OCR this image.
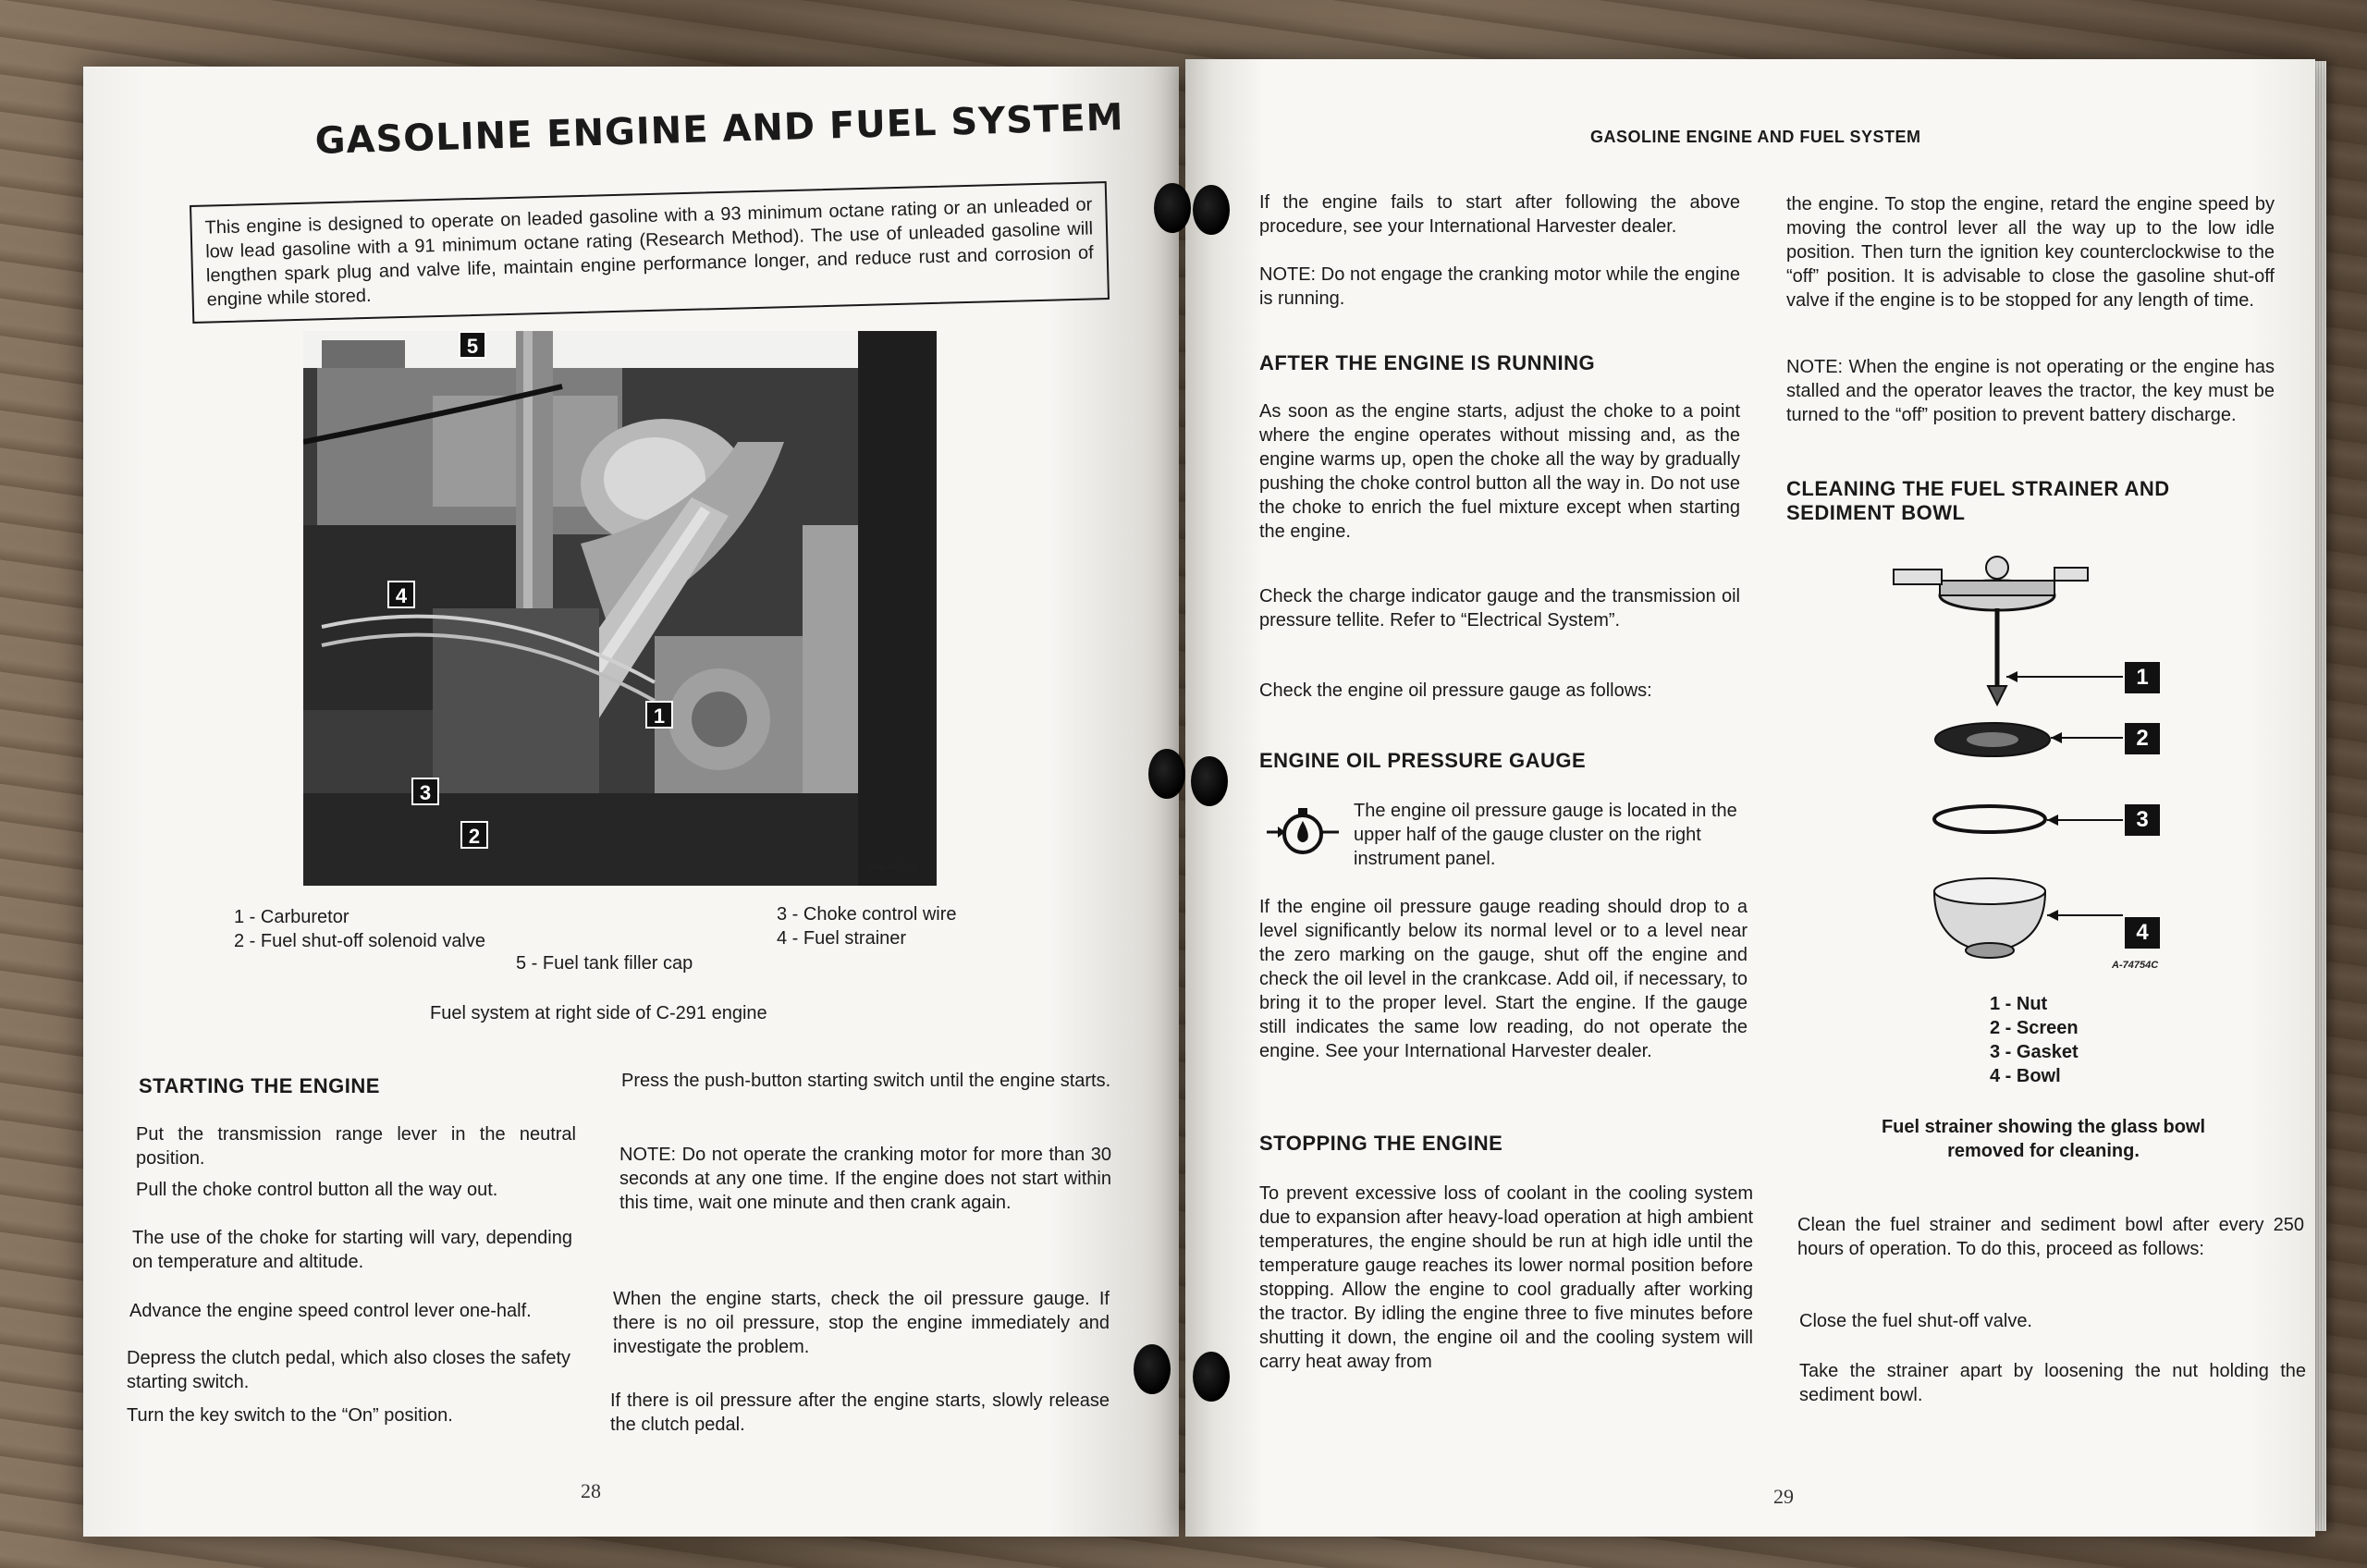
GASOLINE ENGINE AND FUEL SYSTEM
This engine is designed to operate on leaded gasoline with a 93 minimum octane rating or an unleaded or low lead gasoline with a 91 minimum octane rating (Research Method). The use of unleaded gasoline will lengthen spark plug and valve life, maintain engine performance longer, and reduce rust and corrosion of engine while stored.
5
4
1
3
2
MA-4839A
1 - Carburetor
2 - Fuel shut-off solenoid valve
3 - Choke control wire
4 - Fuel strainer
5 - Fuel tank filler cap
Fuel system at right side of C-291 engine
STARTING THE ENGINE
Put the transmission range lever in the neutral position.
Pull the choke control button all the way out.
The use of the choke for starting will vary, depending on temperature and altitude.
Advance the engine speed control lever one-half.
Depress the clutch pedal, which also closes the safety starting switch.
Turn the key switch to the “On” position.
Press the push-button starting switch until the engine starts.
NOTE: Do not operate the cranking motor for more than 30 seconds at any one time. If the engine does not start within this time, wait one minute and then crank again.
When the engine starts, check the oil pressure gauge. If there is no oil pressure, stop the engine immediately and investigate the problem.
If there is oil pressure after the engine starts, slowly release the clutch pedal.
28
GASOLINE ENGINE AND FUEL SYSTEM
If the engine fails to start after following the above procedure, see your International Harvester dealer.
NOTE: Do not engage the cranking motor while the engine is running.
AFTER THE ENGINE IS RUNNING
As soon as the engine starts, adjust the choke to a point where the engine operates without missing and, as the engine warms up, open the choke all the way by gradually pushing the choke control button all the way in. Do not use the choke to enrich the fuel mixture except when starting the engine.
Check the charge indicator gauge and the transmission oil pressure tellite. Refer to “Electrical System”.
Check the engine oil pressure gauge as follows:
ENGINE OIL PRESSURE GAUGE
The engine oil pressure gauge is located in the upper half of the gauge cluster on the right instrument panel.
If the engine oil pressure gauge reading should drop to a level significantly below its normal level or to a level near the zero marking on the gauge, shut off the engine and check the oil level in the crankcase. Add oil, if necessary, to bring it to the proper level. Start the engine. If the gauge still indicates the same low reading, do not operate the engine. See your International Harvester dealer.
STOPPING THE ENGINE
To prevent excessive loss of coolant in the cooling system due to expansion after heavy-load operation at high ambient temperatures, the engine should be run at high idle until the temperature gauge reaches its lower normal position before stopping. Allow the engine to cool gradually after working the tractor. By idling the engine three to five minutes before shutting it down, the engine oil and the cooling system will carry heat away from
the engine. To stop the engine, retard the engine speed by moving the control lever all the way up to the low idle position. Then turn the ignition key counterclockwise to the “off” position. It is advisable to close the gasoline shut-off valve if the engine is to be stopped for any length of time.
NOTE: When the engine is not operating or the engine has stalled and the operator leaves the tractor, the key must be turned to the “off” position to prevent battery discharge.
CLEANING THE FUEL STRAINER AND
SEDIMENT BOWL
1
2
3
4
A-74754C
1 - Nut
2 - Screen
3 - Gasket
4 - Bowl
Fuel strainer showing the glass bowl
removed for cleaning.
Clean the fuel strainer and sediment bowl after every 250 hours of operation. To do this, proceed as follows:
Close the fuel shut-off valve.
Take the strainer apart by loosening the nut holding the sediment bowl.
29
